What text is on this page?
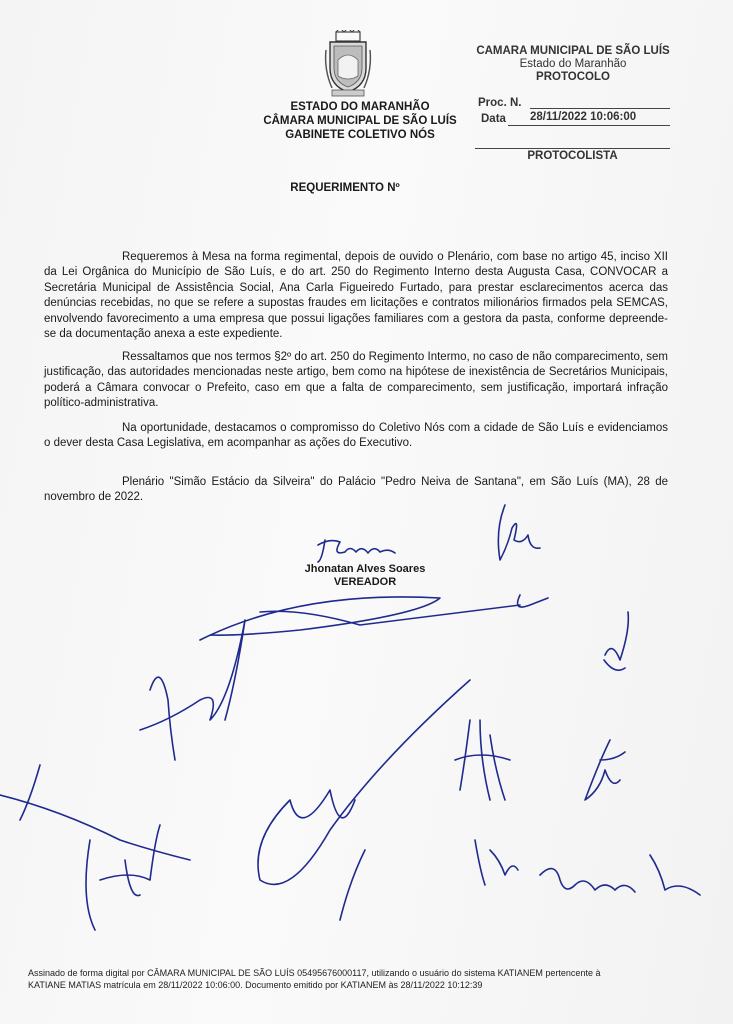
CAMARA MUNICIPAL DE SÃO LUÍS
Estado do Maranhão
PROTOCOLO
Proc. N.
Data 28/11/2022 10:06:00
PROTOCOLISTA
ESTADO DO MARANHÃO
CÂMARA MUNICIPAL DE SÃO LUÍS
GABINETE COLETIVO NÓS
REQUERIMENTO Nº

Requeremos à Mesa na forma regimental, depois de ouvido o Plenário, com base no artigo 45, inciso XII da Lei Orgânica do Município de São Luís, e do art. 250 do Regimento Interno desta Augusta Casa, CONVOCAR a Secretária Municipal de Assistência Social, Ana Carla Figueiredo Furtado, para prestar esclarecimentos acerca das denúncias recebidas, no que se refere a supostas fraudes em licitações e contratos milionários firmados pela SEMCAS, envolvendo favorecimento a uma empresa que possui ligações familiares com a gestora da pasta, conforme depreende-se da documentação anexa a este expediente.

Ressaltamos que nos termos §2º do art. 250 do Regimento Intermo, no caso de não comparecimento, sem justificação, das autoridades mencionadas neste artigo, bem como na hipótese de inexistência de Secretários Municipais, poderá a Câmara convocar o Prefeito, caso em que a falta de comparecimento, sem justificação, importará infração político-administrativa.

Na oportunidade, destacamos o compromisso do Coletivo Nós com a cidade de São Luís e evidenciamos o dever desta Casa Legislativa, em acompanhar as ações do Executivo.

Plenário "Simão Estácio da Silveira" do Palácio "Pedro Neiva de Santana", em São Luís (MA), 28 de novembro de 2022.

Jhonatan Alves Soares
VEREADOR
Assinado de forma digital por CÂMARA MUNICIPAL DE SÃO LUÍS 05495676000117, utilizando o usuário do sistema KATIANEM pertencente à
KATIANE MATIAS matrícula em 28/11/2022 10:06:00. Documento emitido por KATIANEM às 28/11/2022 10:12:39
